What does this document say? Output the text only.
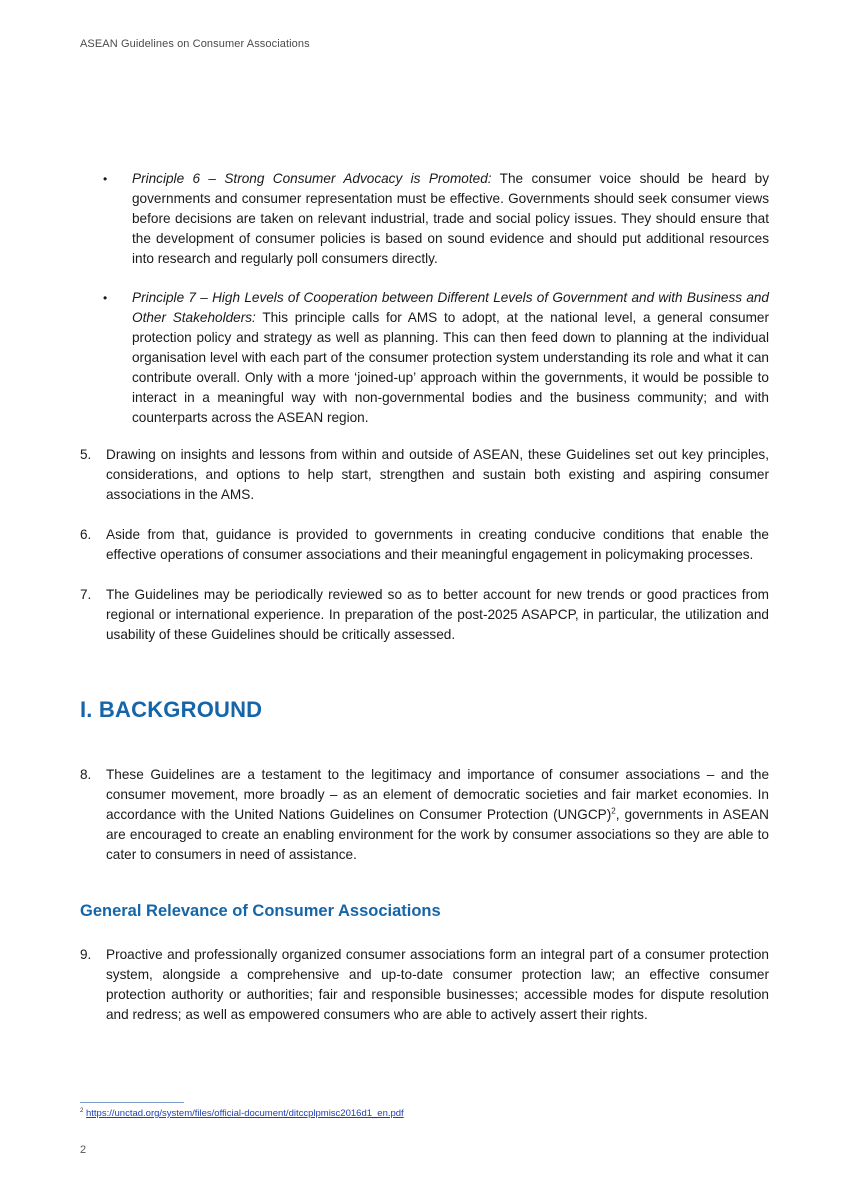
ASEAN Guidelines on Consumer Associations
• Principle 6 – Strong Consumer Advocacy is Promoted: The consumer voice should be heard by governments and consumer representation must be effective. Governments should seek consumer views before decisions are taken on relevant industrial, trade and social policy issues. They should ensure that the development of consumer policies is based on sound evidence and should put additional resources into research and regularly poll consumers directly.
• Principle 7 – High Levels of Cooperation between Different Levels of Government and with Business and Other Stakeholders: This principle calls for AMS to adopt, at the national level, a general consumer protection policy and strategy as well as planning. This can then feed down to planning at the individual organisation level with each part of the consumer protection system understanding its role and what it can contribute overall. Only with a more ‘joined-up’ approach within the governments, it would be possible to interact in a meaningful way with non-governmental bodies and the business community; and with counterparts across the ASEAN region.
5. Drawing on insights and lessons from within and outside of ASEAN, these Guidelines set out key principles, considerations, and options to help start, strengthen and sustain both existing and aspiring consumer associations in the AMS.
6. Aside from that, guidance is provided to governments in creating conducive conditions that enable the effective operations of consumer associations and their meaningful engagement in policymaking processes.
7. The Guidelines may be periodically reviewed so as to better account for new trends or good practices from regional or international experience. In preparation of the post-2025 ASAPCP, in particular, the utilization and usability of these Guidelines should be critically assessed.
I. BACKGROUND
8. These Guidelines are a testament to the legitimacy and importance of consumer associations – and the consumer movement, more broadly – as an element of democratic societies and fair market economies. In accordance with the United Nations Guidelines on Consumer Protection (UNGCP)$^2$, governments in ASEAN are encouraged to create an enabling environment for the work by consumer associations so they are able to cater to consumers in need of assistance.
General Relevance of Consumer Associations
9. Proactive and professionally organized consumer associations form an integral part of a consumer protection system, alongside a comprehensive and up-to-date consumer protection law; an effective consumer protection authority or authorities; fair and responsible businesses; accessible modes for dispute resolution and redress; as well as empowered consumers who are able to actively assert their rights.
$^2$ https://unctad.org/system/files/official-document/ditccplpmisc2016d1_en.pdf
2
